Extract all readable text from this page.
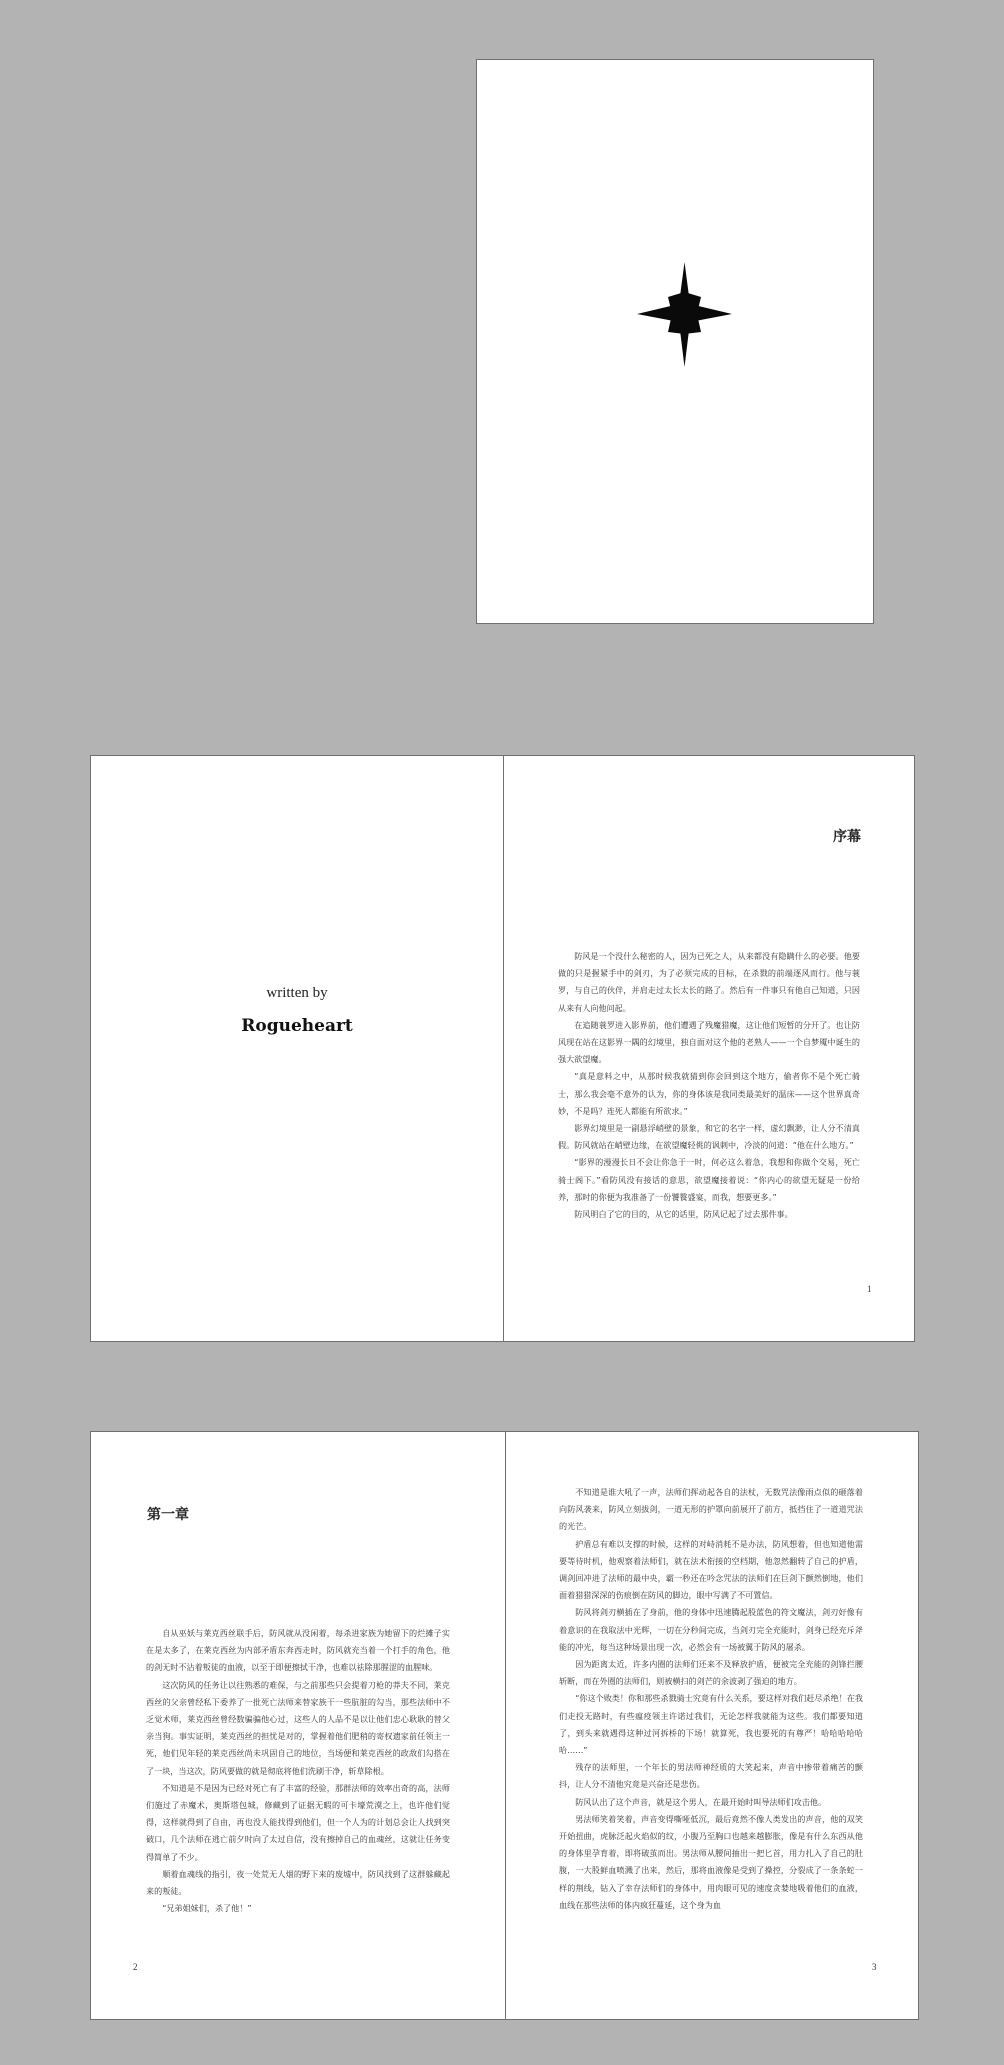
written by
Rogueheart
序幕

防风是一个没什么秘密的人，因为已死之人，从来都没有隐瞒什么的必要。他要做的只是握紧手中的剑刃，为了必须完成的目标，在杀戮的前端逐风而行。他与蓑罗，与自己的伙伴，并肩走过太长太长的路了。然后有一件事只有他自己知道，只因从来有人向他问起。

在追随蓑罗进入影界前，他们遭遇了残魔猎魔，这让他们短暂的分开了。也让防风现在站在这影界一隅的幻境里，独自面对这个他的老熟人——一个自梦魇中诞生的强大欲望魔。

“真是意料之中，从那时候我就猜到你会回到这个地方，偷者你不是个死亡骑士，那么我会毫不意外的认为，你的身体该是我同类最美好的温床——这个世界真奇妙，不是吗？连死人都能有所欲求。”

影界幻境里是一副悬浮峭壁的景象，和它的名字一样，虚幻飘渺，让人分不清真假。防风就站在峭壁边缘，在欲望魔轻佻的讽刺中，冷淡的问道：“他在什么地方。”

“影界的漫漫长日不会让你急于一时，何必这么着急，我想和你做个交易，死亡骑士阁下。”看防风没有接话的意思，欲望魔接着说：“你内心的欲望无疑是一份给养，那时的你便为我准备了一份饕餮盛宴，而我，想要更多。”

防风明白了它的目的，从它的话里，防风记起了过去那件事。

1
第一章

自从巫妖与莱克西丝联手后，防风就从没闲着，每杀进家族为她留下的烂摊子实在是太多了，在莱克西丝为内部矛盾东奔西走时，防风就充当着一个打手的角色，他的剑无时不沾着叛徒的血液，以至于即便擦拭干净，也难以祛除那腥涩的血腥味。

这次防风的任务让以往熟悉的难保，与之前那些只会提着刀枪的莽夫不同，莱克西丝的父亲曾经私下委养了一批死亡法师来替家族干一些肮脏的勾当，那些法师中不乏觉术师，莱克西丝曾经数骗骗他心过，这些人的人品不是以让他们忠心耿耿的替父亲当狗。事实证明，莱克西丝的担忧是对的，掌握着他们肥稍的寄权遗家前任领主一死，他们见年轻的莱克西丝尚未巩固自己的地位，当场便和莱克西丝的政敌们勾搭在了一块，当这次，防风要做的就是彻底将他们洗刷干净，斩草除根。

不知道是不是因为已经对死亡有了丰富的经验，那群法师的效率出奇的高，法师们施过了赤魔术，奥斯塔包城，修藏到了证据无暇的可卡壕荒漠之上，也许他们觉得，这样就得到了自由，再也没人能找得到他们，但一个人为的计划总会让人找到突破口，几个法师在逃亡前夕时向了太过自信，没有擦掉自己的血魂丝，这就让任务变得简单了不少。

顺着血魂线的指引，夜一处荒无人烟的野下来的废墟中，防风找到了这群躲藏起来的叛徒。

“兄弟姐妹们，杀了他！”

2

不知道是谁大吼了一声，法师们挥动起各自的法杖，无数咒法像雨点似的砸落着向防风袭来，防风立刻拔剑，一道无形的护罩向前展开了前方，抵挡住了一道道咒法的光芒。

护盾总有难以支撑的时候，这样的对峙消耗不是办法，防风想着，但也知道他需要等待时机，他观察着法师们，就在法术衔接的空档期，他忽然翻转了自己的护盾，调剑回冲进了法师的最中央，霸一秒还在吟念咒法的法师们在巨剑下颤然倒地，他们面着猎猎深深的伤痕倒在防风的脚边，眼中写满了不可置信。

防风将剑刃横插在了身前，他的身体中迅速腾起股蓝色的符文魔法，剑刃好像有着意识的在我取法中光辉，一切在分秒间完成，当剑刃完全充能时，剑身已经充斥斧能的冲光，每当这种场景出现一次，必然会有一场被翼于防风的屠杀。

因为距离太近，许多内圈的法师们还来不及释放护盾，便被完全充能的剑锋拦腰斩断，而在外圈的法师们，则被横扫的剑芒的余波剥了强迫的地方。

“你这个败类！你和那些杀戮骑士究竟有什么关系，要这样对我们赶尽杀绝！在我们走投无路时，有些瘟疫领主许诺过我们，无论怎样我就能为这些。我们都要知道了，到头来就遇得这种过河拆桥的下场！就算死，我也要死的有尊严！哈哈哈哈哈哈……”

残存的法师里，一个年长的男法师神经质的大笑起来，声音中掺带着痛苦的颤抖，让人分不清他究竟是兴奋还是悲伤。

防风认出了这个声音，就是这个男人，在最开始时叫导法师们攻击他。

男法师笑着笑着，声音变得嘶哑低沉，最后竟然不像人类发出的声音，他的双笑开始扭曲，虎脉泛起火焰似的纹，小腹乃至胸口也越来越膨胀，像是有什么东西从他的身体里孕育着，即将破茧而出。男法师从腰间抽出一把匕首，用力扎入了自己的肚腹，一大股鲜血喷溅了出来，然后，那将血液像是受到了操控，分裂成了一条条蛇一样的荆线，钻入了幸存法师们的身体中，用肉眼可见的速度贪婪地吸着他们的血液，血线在那些法师的体内疯狂蔓延，这个身为血

3
